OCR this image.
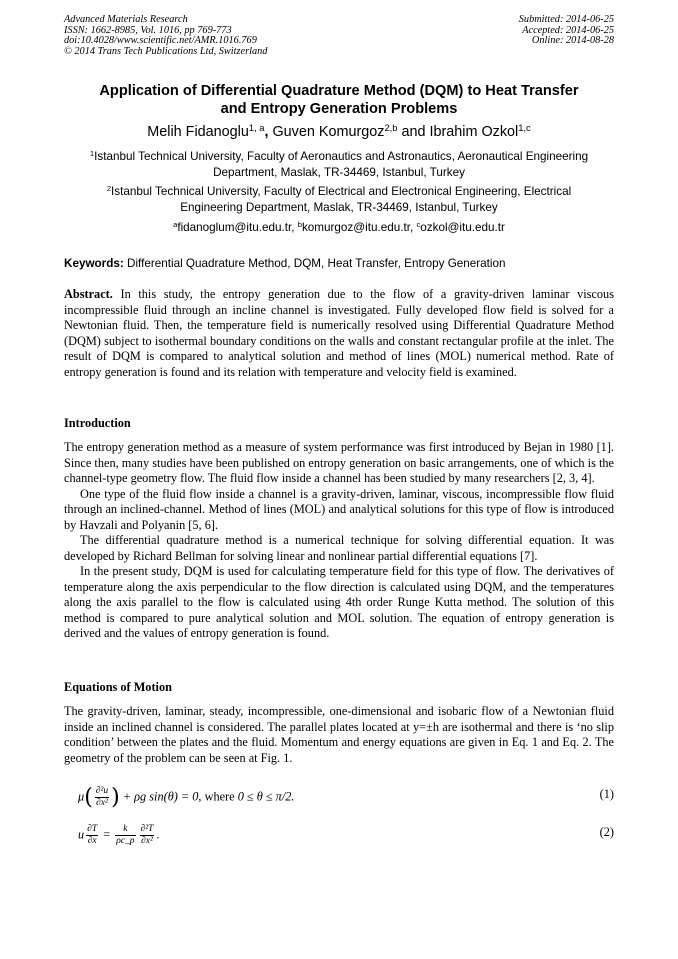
Advanced Materials Research
ISSN: 1662-8985, Vol. 1016, pp 769-773
doi:10.4028/www.scientific.net/AMR.1016.769
© 2014 Trans Tech Publications Ltd, Switzerland
Submitted: 2014-06-25
Accepted: 2014-06-25
Online: 2014-08-28
Application of Differential Quadrature Method (DQM) to Heat Transfer
and Entropy Generation Problems
Melih Fidanoglu$^{1, a}$, Guven Komurgoz$^{2,b}$ and Ibrahim Ozkol$^{1,c}$
$^1$Istanbul Technical University, Faculty of Aeronautics and Astronautics, Aeronautical Engineering
Department, Maslak, TR-34469, Istanbul, Turkey
$^2$Istanbul Technical University, Faculty of Electrical and Electronical Engineering, Electrical
Engineering Department, Maslak, TR-34469, Istanbul, Turkey
$^a$fidanoglum@itu.edu.tr, $^b$komurgoz@itu.edu.tr, $^c$ozkol@itu.edu.tr
Keywords: Differential Quadrature Method, DQM, Heat Transfer, Entropy Generation

Abstract. In this study, the entropy generation due to the flow of a gravity-driven laminar viscous incompressible fluid through an incline channel is investigated. Fully developed flow field is solved for a Newtonian fluid. Then, the temperature field is numerically resolved using Differential Quadrature Method (DQM) subject to isothermal boundary conditions on the walls and constant rectangular profile at the inlet. The result of DQM is compared to analytical solution and method of lines (MOL) numerical method. Rate of entropy generation is found and its relation with temperature and velocity field is examined.

Introduction

The entropy generation method as a measure of system performance was first introduced by Bejan in 1980 [1]. Since then, many studies have been published on entropy generation on basic arrangements, one of which is the channel-type geometry flow. The fluid flow inside a channel has been studied by many researchers [2, 3, 4].

One type of the fluid flow inside a channel is a gravity-driven, laminar, viscous, incompressible flow fluid through an inclined-channel. Method of lines (MOL) and analytical solutions for this type of flow is introduced by Havzali and Polyanin [5, 6].

The differential quadrature method is a numerical technique for solving differential equation. It was developed by Richard Bellman for solving linear and nonlinear partial differential equations [7].

In the present study, DQM is used for calculating temperature field for this type of flow. The derivatives of temperature along the axis perpendicular to the flow direction is calculated using DQM, and the temperatures along the axis parallel to the flow is calculated using 4th order Runge Kutta method. The solution of this method is compared to pure analytical solution and MOL solution. The equation of entropy generation is derived and the values of entropy generation is found.

Equations of Motion

The gravity-driven, laminar, steady, incompressible, one-dimensional and isobaric flow of a Newtonian fluid inside an inclined channel is considered. The parallel plates located at y=±h are isothermal and there is ‘no slip condition’ between the plates and the fluid. Momentum and energy equations are given in Eq. 1 and Eq. 2. The geometry of the problem can be seen at Fig. 1.

$\mu( \frac{\text{∂²u}}{\text{∂x²}}$ ) + ρg sin(θ) = 0, where 0 ≤ θ ≤ π/2.	(1)
u $\frac{\partial T}{\partial x} = \frac{k}{\rho c\_p} \frac{\text{∂²T}}{\text{∂x²}}$ .	(2)
